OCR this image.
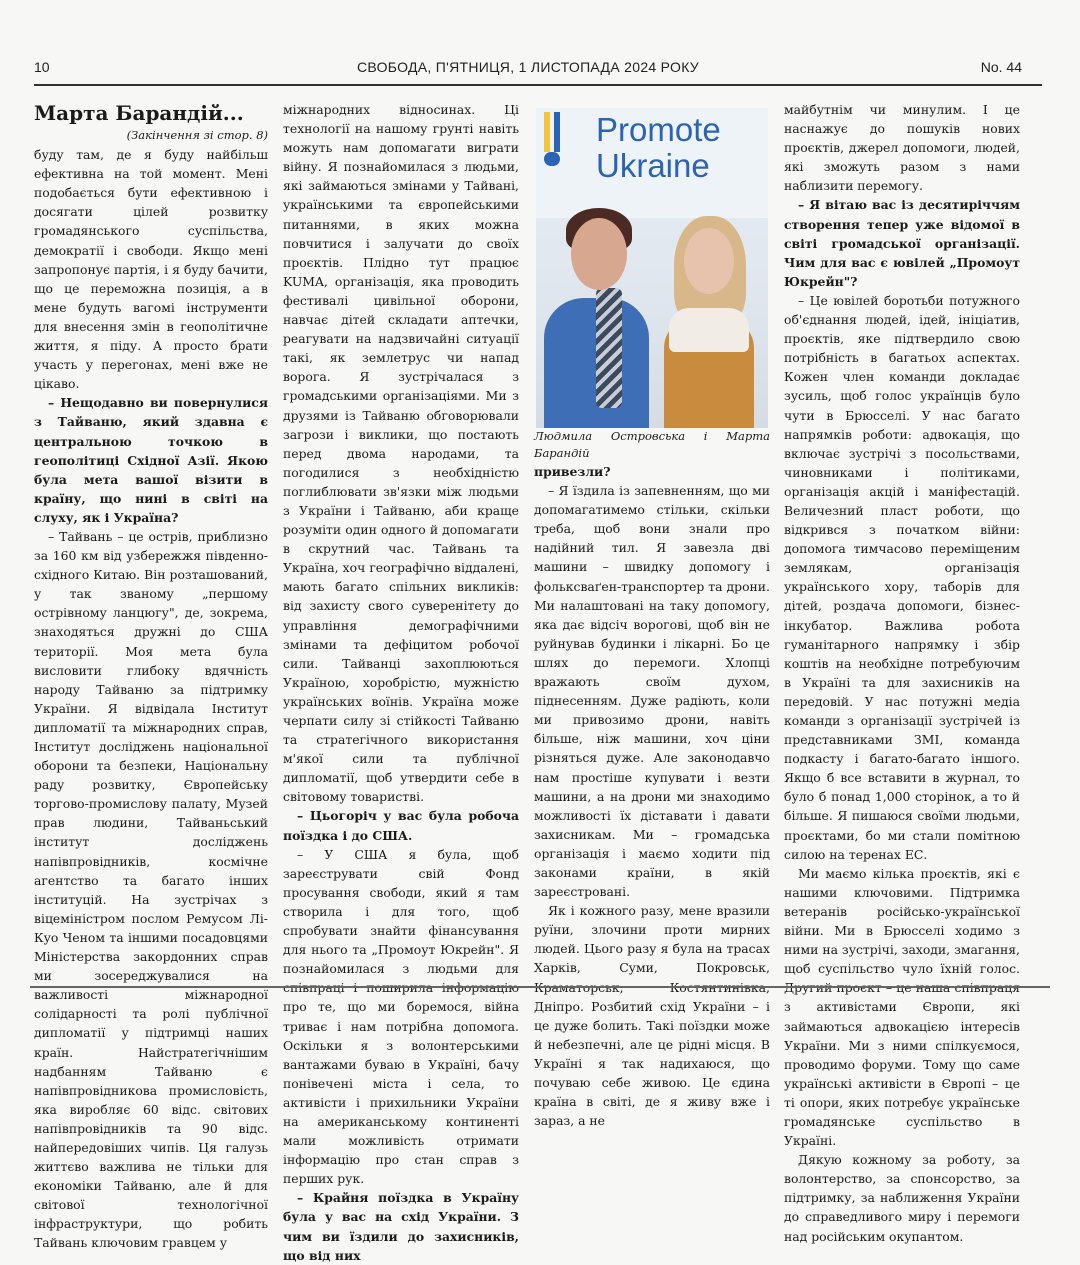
10	СВОБОДА, П'ЯТНИЦЯ, 1 ЛИСТОПАДА 2024 РОКУ	No. 44

Марта Барандій...

(Закінчення зі стор. 8)

буду там, де я буду найбільш ефективна на той момент. Мені подобається бути ефективною і досягати цілей розвитку громадянського суспільства, демократії і свободи. Якщо мені запропонує партія, і я буду бачити, що це переможна позиція, а в мене будуть вагомі інструменти для внесення змін в геополітичне життя, я піду. А просто брати участь у перегонах, мені вже не цікаво.

– Нещодавно ви повернулися з Тайваню, який здавна є центральною точкою в геополітиці Східної Азії. Якою була мета вашої візити в країну, що нині в світі на слуху, як і Україна?

– Тайвань – це острів, приблизно за 160 км від узбережжя південно-східного Китаю. Він розташований, у так званому „першому острівному ланцюгу", де, зокрема, знаходяться дружні до США території. Моя мета була висловити глибоку вдячність народу Тайваню за підтримку України. Я відвідала Інститут дипломатії та міжнародних справ, Інститут досліджень національної оборони та безпеки, Національну раду розвитку, Європейську торгово-промислову палату, Музей прав людини, Тайваньський інститут досліджень напівпровідників, космічне агентство та багато інших інституцій. На зустрічах з віцеміністром послом Ремусом Лі-Куо Ченом та іншими посадовцями Міністерства закордонних справ ми зосереджувалися на важливості міжнародної солідарності та ролі публічної дипломатії у підтримці наших країн. Найстратегічнішим надбанням Тайваню є напівпровідникова промисловість, яка виробляє 60 відс. світових напівпровідників та 90 відс. найпередовіших чипів. Ця галузь життєво важлива не тільки для економіки Тайваню, але й для світової технологічної інфраструктури, що робить Тайвань ключовим гравцем у

міжнародних відносинах. Ці технології на нашому грунті навіть можуть нам допомагати виграти війну. Я познайомилася з людьми, які займаються змінами у Тайвані, українськими та європейськими питаннями, в яких можна повчитися і залучати до своїх проєктів. Плідно тут працює KUMA, організація, яка проводить фестивалі цивільної оборони, навчає дітей складати аптечки, реагувати на надзвичайні ситуації такі, як землетрус чи напад ворога. Я зустрічалася з громадськими організаціями. Ми з друзями із Тайваню обговорювали загрози і виклики, що постають перед двома народами, та погодилися з необхідністю поглиблювати зв'язки між людьми з України і Тайваню, аби краще розуміти один одного й допомагати в скрутний час. Тайвань та Україна, хоч географічно віддалені, мають багато спільних викликів: від захисту свого суверенітету до управління демографічними змінами та дефіцитом робочої сили. Тайванці захоплюються Україною, хоробрістю, мужністю українських воїнів. Україна може черпати силу зі стійкості Тайваню та стратегічного використання м'якої сили та публічної дипломатії, щоб утвердити себе в світовому товаристві.

– Цьогоріч у вас була робоча поїздка і до США.

– У США я була, щоб зареєструвати свій Фонд просування свободи, який я там створила і для того, щоб спробувати знайти фінансування для нього та „Промоут Юкрейн". Я познайомилася з людьми для співпраці і поширила інформацію про те, що ми боремося, війна триває і нам потрібна допомога. Оскільки я з волонтерськими вантажами буваю в Україні, бачу понівечені міста і села, то активісти і прихильники України на американському континенті мали можливість отримати інформацію про стан справ з перших рук.

– Крайня поїздка в Україну була у вас на схід України. З чим ви їздили до захисників, що від них

Promote
Ukraine

Людмила Островська і Марта Барандій

привезли?

– Я їздила із запевненням, що ми допомагатимемо стільки, скільки треба, щоб вони знали про надійний тил. Я завезла дві машини – швидку допомогу і фольксваґен-транспортер та дрони. Ми налаштовані на таку допомогу, яка дає відсіч ворогові, щоб він не руйнував будинки і лікарні. Бо це шлях до перемоги. Хлопці вражають своїм духом, піднесенням. Дуже радіють, коли ми привозимо дрони, навіть більше, ніж машини, хоч ціни різняться дуже. Але законодавчо нам простіше купувати і везти машини, а на дрони ми знаходимо можливості їх діставати і давати захисникам. Ми – громадська організація і маємо ходити під законами країни, в якій зареєстровані.

Як і кожного разу, мене вразили руїни, злочини проти мирних людей. Цього разу я була на трасах Харків, Суми, Покровськ, Краматорськ, Костянтинівка, Дніпро. Розбитий схід України – і це дуже болить. Такі поїздки може й небезпечні, але це рідні місця. В Україні я так надихаюся, що почуваю себе живою. Це єдина країна в світі, де я живу вже і зараз, а не

майбутнім чи минулим. І це наснажує до пошуків нових проєктів, джерел допомоги, людей, які зможуть разом з нами наблизити перемогу.

– Я вітаю вас із десятиріччям створення тепер уже відомої в світі громадської організації. Чим для вас є ювілей „Промоут Юкрейн"?

– Це ювілей боротьби потужного об'єднання людей, ідей, ініціатив, проєктів, яке підтвердило свою потрібність в багатьох аспектах. Кожен член команди докладає зусиль, щоб голос українців було чути в Брюсселі. У нас багато напрямків роботи: адвокація, що включає зустрічі з посольствами, чиновниками і політиками, організація акцій і маніфестацій. Величезний пласт роботи, що відкрився з початком війни: допомога тимчасово переміщеним землякам, організація українського хору, таборів для дітей, роздача допомоги, бізнес-інкубатор. Важлива робота гуманітарного напрямку і збір коштів на необхідне потребуючим в Україні та для захисників на передовій. У нас потужні медіа команди з організації зустрічей із представниками ЗМІ, команда подкасту і багато-багато іншого. Якщо б все вставити в журнал, то було б понад 1,000 сторінок, а то й більше. Я пишаюся своїми людьми, проєктами, бо ми стали помітною силою на теренах ЕС.

Ми маємо кілька проєктів, які є нашими ключовими. Підтримка ветеранів російсько-української війни. Ми в Брюсселі ходимо з ними на зустрічі, заходи, змагання, щоб суспільство чуло їхній голос. Другий проєкт – це наша співпраця з активістами Європи, які займаються адвокацією інтересів України. Ми з ними спілкуємося, проводимо форуми. Тому що саме українські активісти в Європі – це ті опори, яких потребує українське громадянське суспільство в Україні.

Дякую кожному за роботу, за волонтерство, за спонсорство, за підтримку, за наближення України до справедливого миру і перемоги над російським окупантом.
